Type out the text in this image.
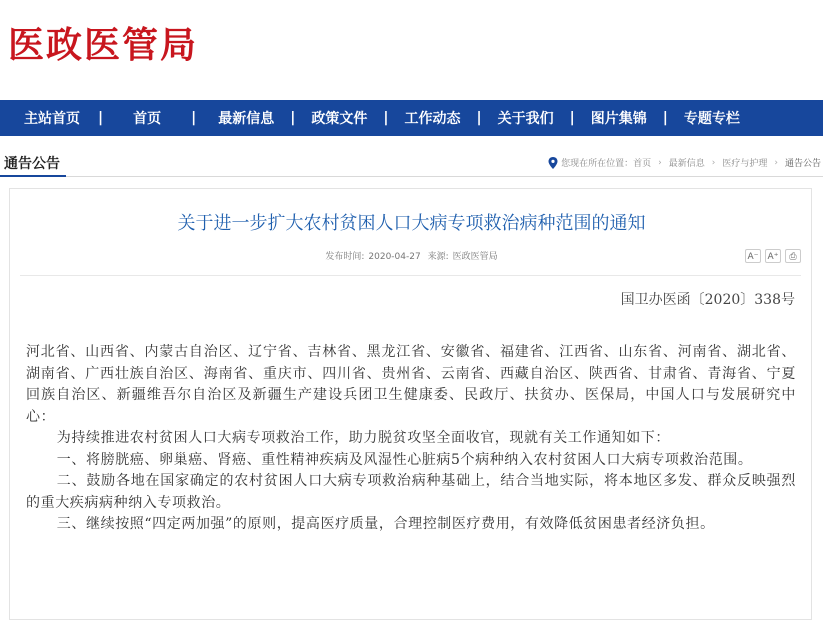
医政医管局
主站首页	|	首页	|	最新信息	|	政策文件	|	工作动态	|	关于我们	|	图片集锦	|	专题专栏
通告公告	您现在所在位置： 首页 › 最新信息 › 医疗与护理 › 通告公告
关于进一步扩大农村贫困人口大病专项救治病种范围的通知
发布时间: 2020-04-27 来源: 医政医管局	A⁻ A⁺	⎙
国卫办医函〔2020〕338号

河北省、山西省、内蒙古自治区、辽宁省、吉林省、黑龙江省、安徽省、福建省、江西省、山东省、河南省、湖北省、湖南省、广西壮族自治区、海南省、重庆市、四川省、贵州省、云南省、西藏自治区、陕西省、甘肃省、青海省、宁夏回族自治区、新疆维吾尔自治区及新疆生产建设兵团卫生健康委、民政厅、扶贫办、医保局，中国人口与发展研究中心：

为持续推进农村贫困人口大病专项救治工作，助力脱贫攻坚全面收官，现就有关工作通知如下：

一、将膀胱癌、卵巢癌、肾癌、重性精神疾病及风湿性心脏病5个病种纳入农村贫困人口大病专项救治范围。

二、鼓励各地在国家确定的农村贫困人口大病专项救治病种基础上，结合当地实际，将本地区多发、群众反映强烈的重大疾病病种纳入专项救治。

三、继续按照“四定两加强”的原则，提高医疗质量，合理控制医疗费用，有效降低贫困患者经济负担。
